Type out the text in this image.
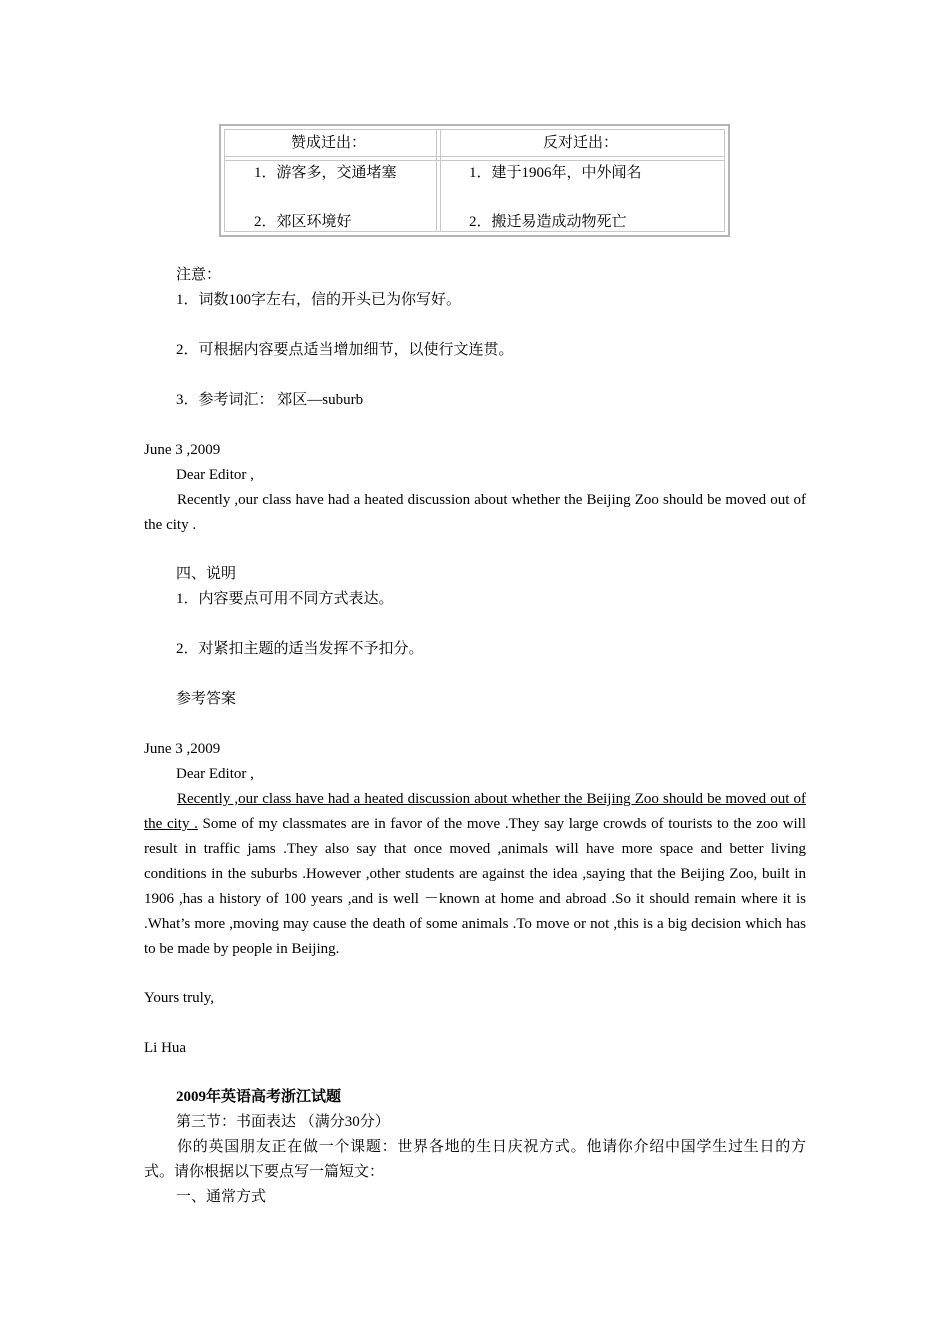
赞成迁出：	反对迁出：
1．游客多，交通堵塞
2．郊区环境好
1．建于1906年，中外闻名
2．搬迁易造成动物死亡
注意：
1．词数100字左右，信的开头已为你写好。
2．可根据内容要点适当增加细节，以使行文连贯。
3．参考词汇： 郊区—suburb
June 3 ,2009
Dear Editor ,
Recently ,our class have had a heated discussion about whether the Beijing Zoo should be moved out of the city .
四、说明
1．内容要点可用不同方式表达。
2．对紧扣主题的适当发挥不予扣分。
参考答案
June 3 ,2009
Dear Editor ,
Recently ,our class have had a heated discussion about whether the Beijing Zoo should be moved out of the city . Some of my classmates are in favor of the move .They say large crowds of tourists to the zoo will result in traffic jams .They also say that once moved ,animals will have more space and better living conditions in the suburbs .However ,other students are against the idea ,saying that the Beijing Zoo, built in 1906 ,has a history of 100 years ,and is well －known at home and abroad .So it should remain where it is .What’s more ,moving may cause the death of some animals .To move or not ,this is a big decision which has to be made by people in Beijing.
Yours truly,
Li Hua
2009年英语高考浙江试题
第三节：书面表达 （满分30分）
你的英国朋友正在做一个课题：世界各地的生日庆祝方式。他请你介绍中国学生过生日的方式。请你根据以下要点写一篇短文：
一、通常方式
